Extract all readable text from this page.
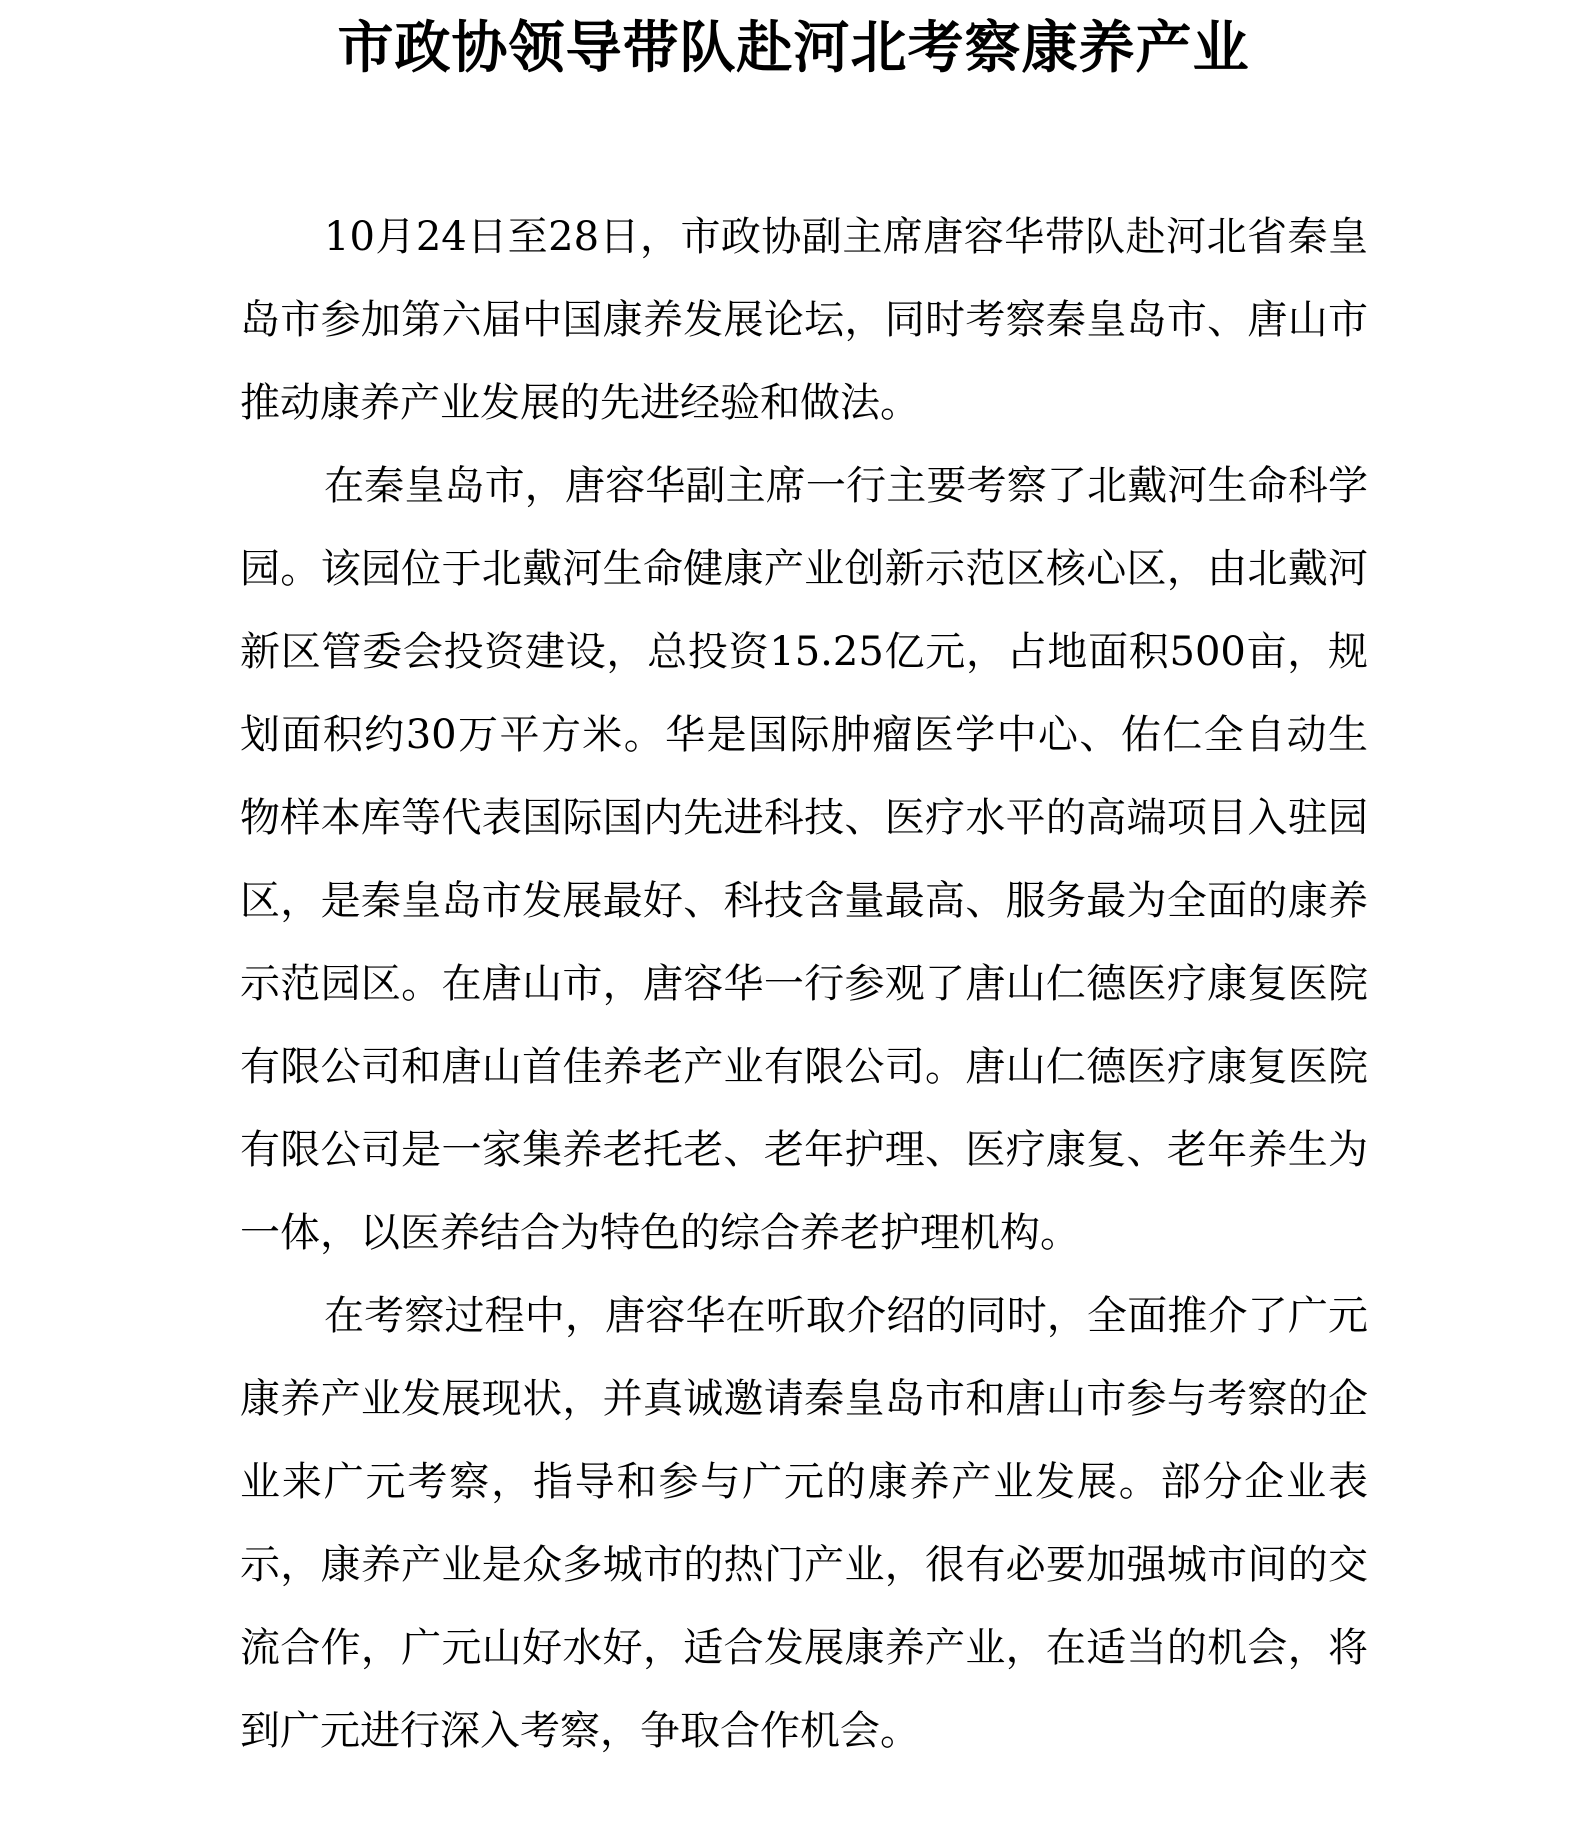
市政协领导带队赴河北考察康养产业

10月24日至28日，市政协副主席唐容华带队赴河北省秦皇岛市参加第六届中国康养发展论坛，同时考察秦皇岛市、唐山市推动康养产业发展的先进经验和做法。

在秦皇岛市，唐容华副主席一行主要考察了北戴河生命科学园。该园位于北戴河生命健康产业创新示范区核心区，由北戴河新区管委会投资建设，总投资15.25亿元，占地面积500亩，规划面积约30万平方米。华是国际肿瘤医学中心、佑仁全自动生物样本库等代表国际国内先进科技、医疗水平的高端项目入驻园区，是秦皇岛市发展最好、科技含量最高、服务最为全面的康养示范园区。在唐山市，唐容华一行参观了唐山仁德医疗康复医院有限公司和唐山首佳养老产业有限公司。唐山仁德医疗康复医院有限公司是一家集养老托老、老年护理、医疗康复、老年养生为一体，以医养结合为特色的综合养老护理机构。

在考察过程中，唐容华在听取介绍的同时，全面推介了广元康养产业发展现状，并真诚邀请秦皇岛市和唐山市参与考察的企业来广元考察，指导和参与广元的康养产业发展。部分企业表示，康养产业是众多城市的热门产业，很有必要加强城市间的交流合作，广元山好水好，适合发展康养产业，在适当的机会，将到广元进行深入考察，争取合作机会。
